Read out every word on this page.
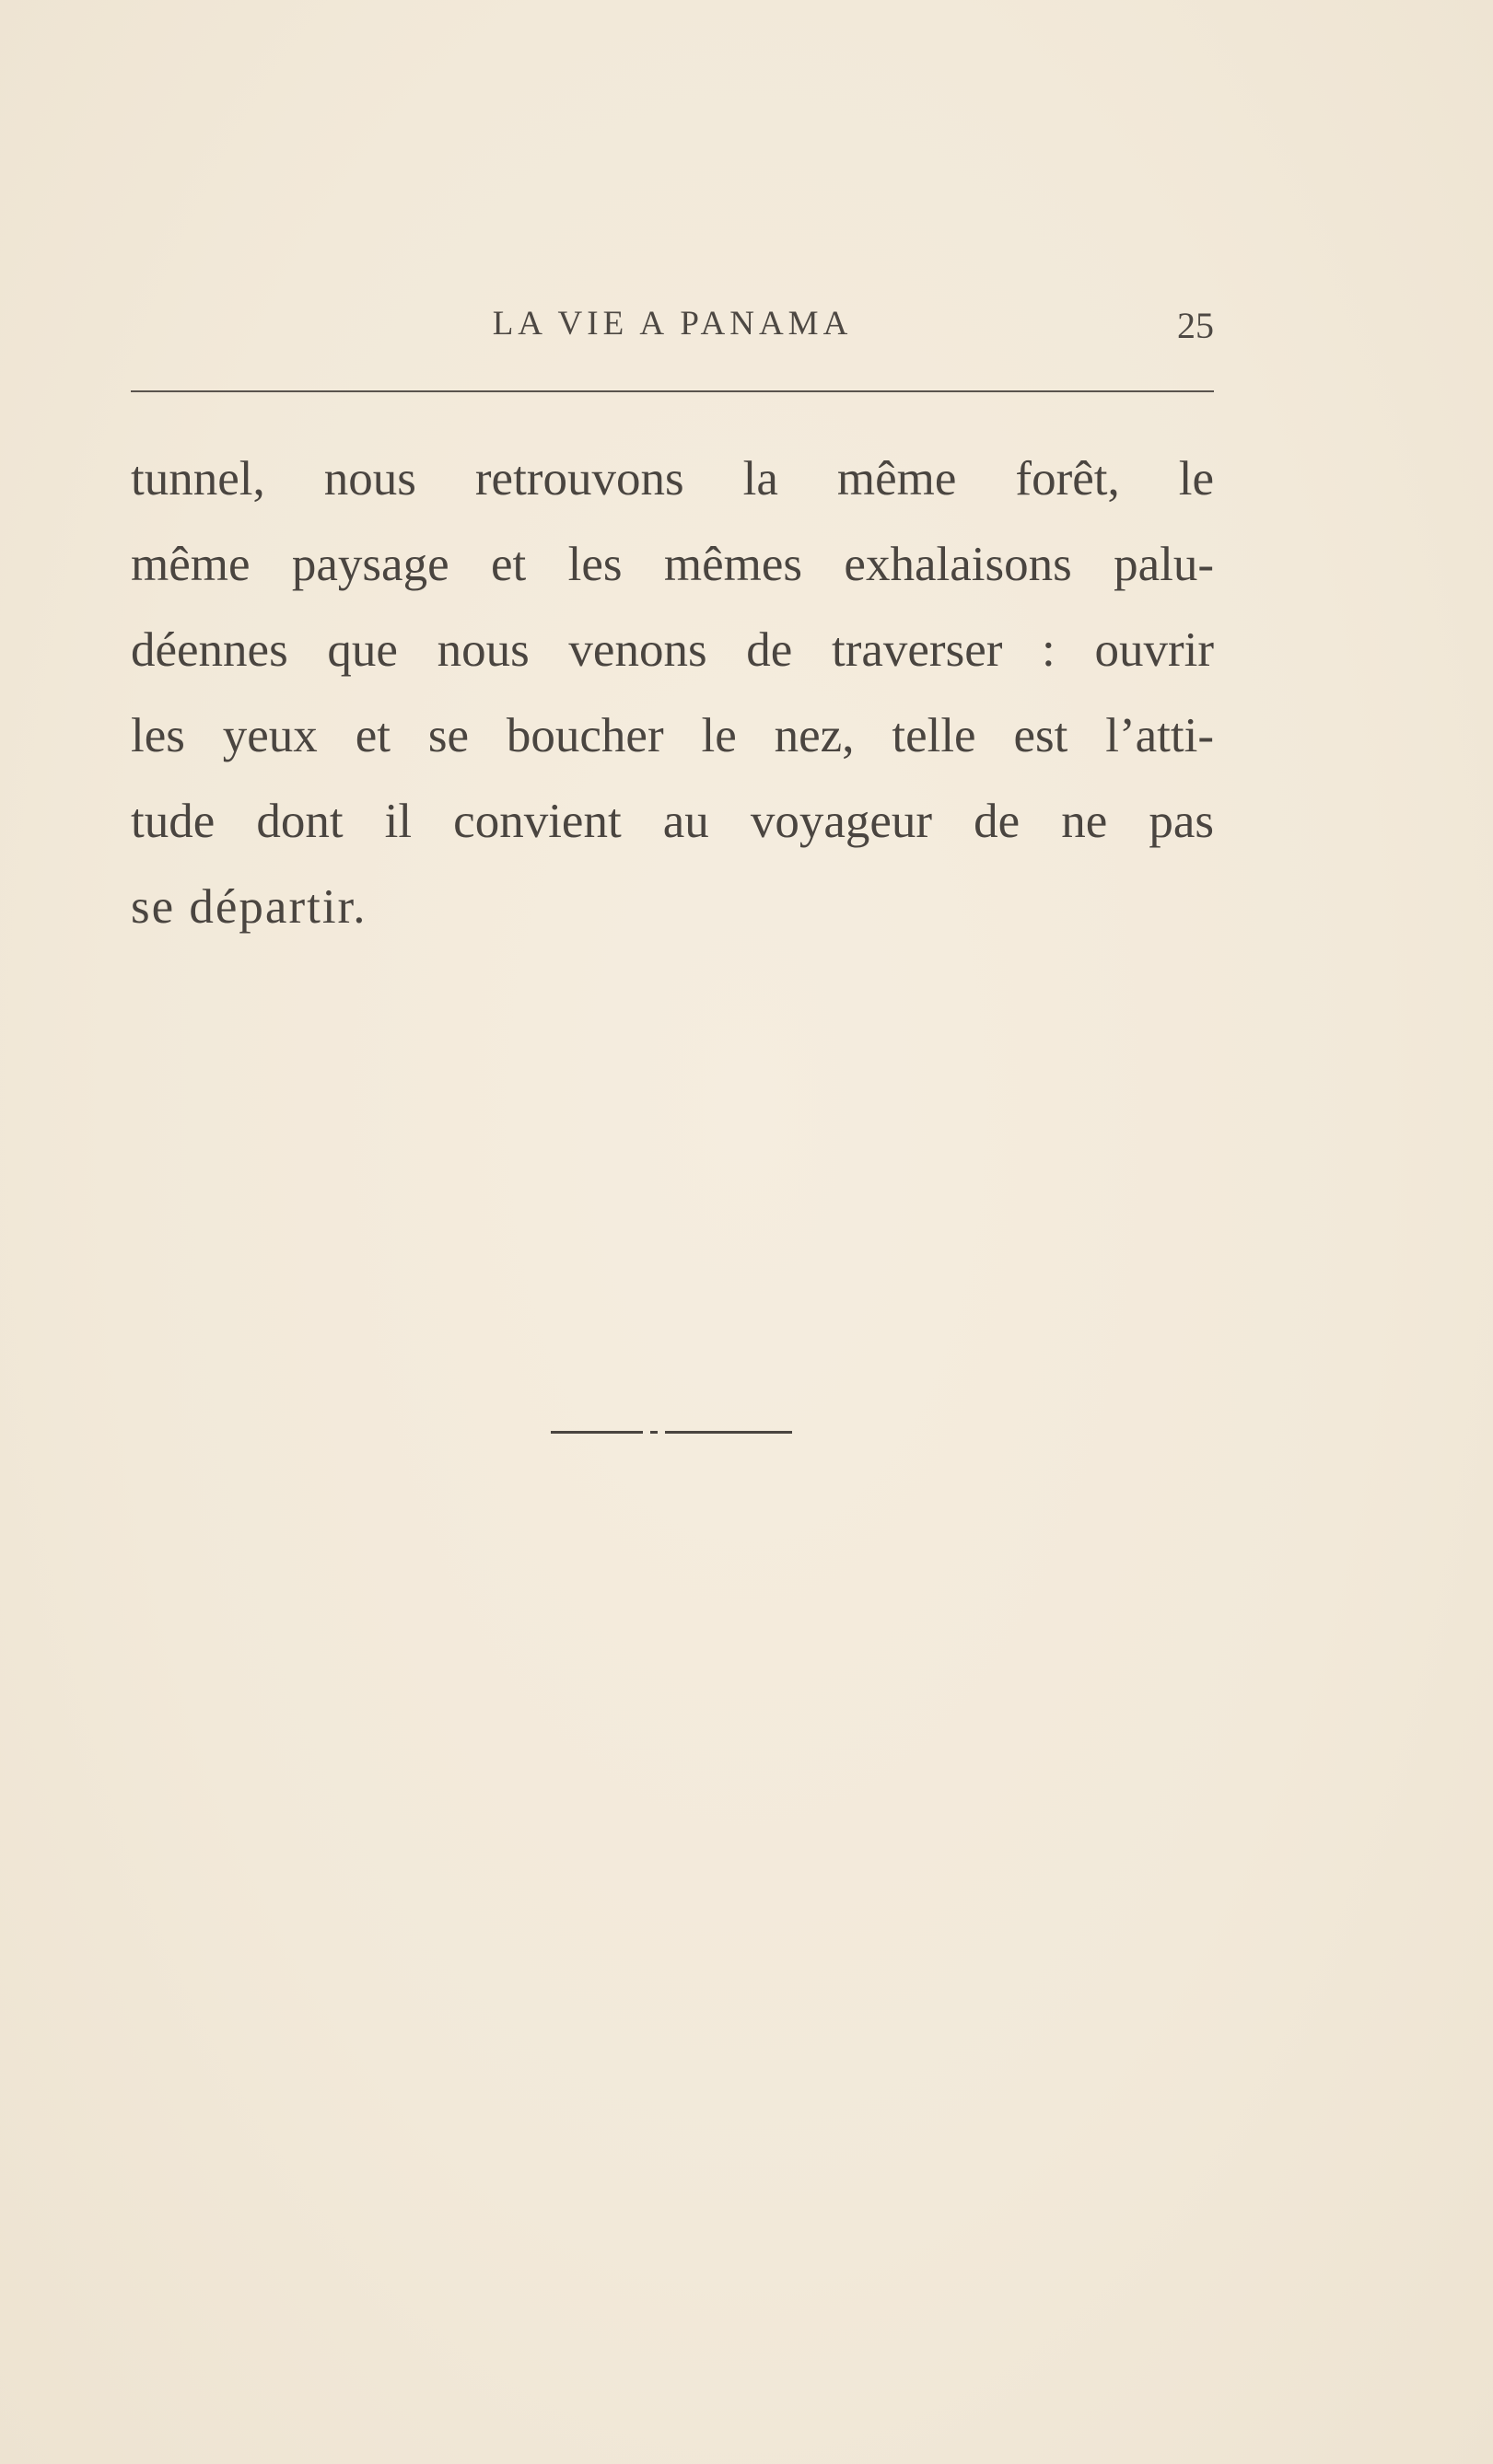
LA VIE A PANAMA	25
tunnel, nous retrouvons la même forêt, le
même paysage et les mêmes exhalaisons palu-
déennes que nous venons de traverser : ouvrir
les yeux et se boucher le nez, telle est l’atti-
tude dont il convient au voyageur de ne pas
se départir.
